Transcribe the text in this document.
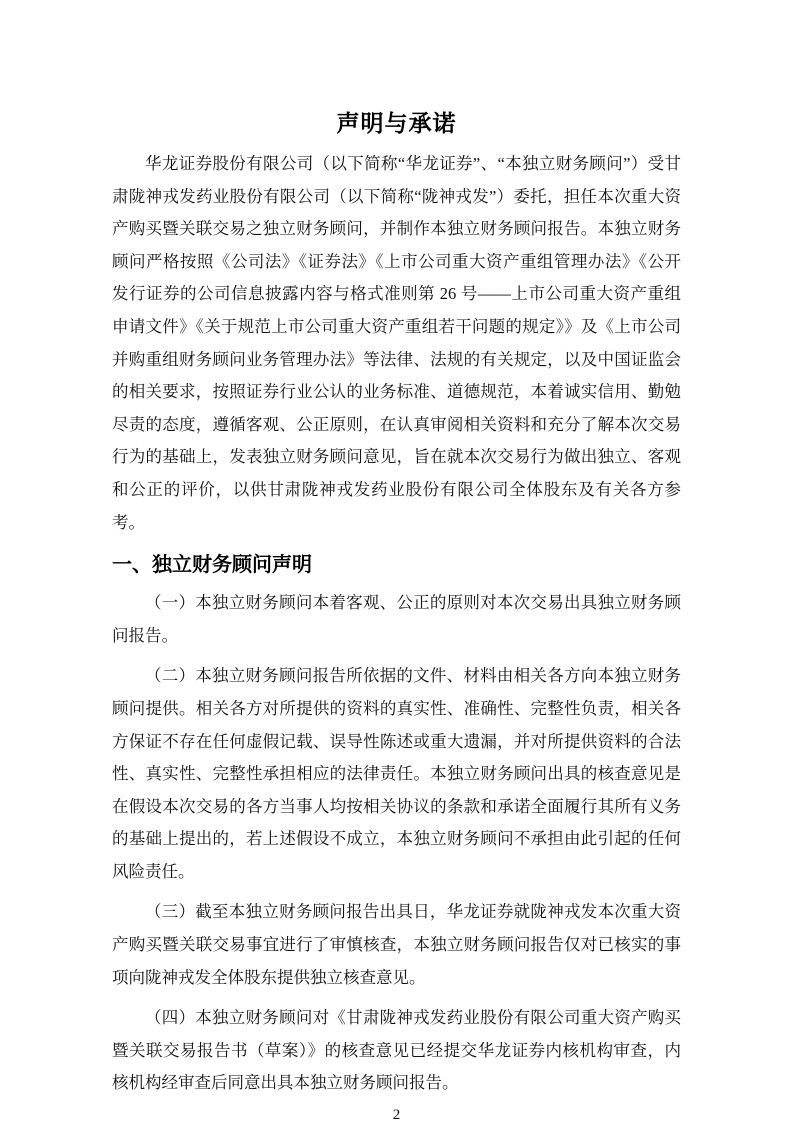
声明与承诺

华龙证券股份有限公司（以下简称“华龙证券”、“本独立财务顾问”）受甘肃陇神戎发药业股份有限公司（以下简称“陇神戎发”）委托，担任本次重大资产购买暨关联交易之独立财务顾问，并制作本独立财务顾问报告。本独立财务顾问严格按照《公司法》《证券法》《上市公司重大资产重组管理办法》《公开发行证券的公司信息披露内容与格式准则第 26 号——上市公司重大资产重组申请文件》《关于规范上市公司重大资产重组若干问题的规定》》及《上市公司并购重组财务顾问业务管理办法》等法律、法规的有关规定，以及中国证监会的相关要求，按照证券行业公认的业务标准、道德规范，本着诚实信用、勤勉尽责的态度，遵循客观、公正原则，在认真审阅相关资料和充分了解本次交易行为的基础上，发表独立财务顾问意见，旨在就本次交易行为做出独立、客观和公正的评价，以供甘肃陇神戎发药业股份有限公司全体股东及有关各方参考。

一、独立财务顾问声明

（一）本独立财务顾问本着客观、公正的原则对本次交易出具独立财务顾问报告。

（二）本独立财务顾问报告所依据的文件、材料由相关各方向本独立财务顾问提供。相关各方对所提供的资料的真实性、准确性、完整性负责，相关各方保证不存在任何虚假记载、误导性陈述或重大遗漏，并对所提供资料的合法性、真实性、完整性承担相应的法律责任。本独立财务顾问出具的核查意见是在假设本次交易的各方当事人均按相关协议的条款和承诺全面履行其所有义务的基础上提出的，若上述假设不成立，本独立财务顾问不承担由此引起的任何风险责任。

（三）截至本独立财务顾问报告出具日，华龙证券就陇神戎发本次重大资产购买暨关联交易事宜进行了审慎核查，本独立财务顾问报告仅对已核实的事项向陇神戎发全体股东提供独立核查意见。

（四）本独立财务顾问对《甘肃陇神戎发药业股份有限公司重大资产购买暨关联交易报告书（草案）》的核查意见已经提交华龙证券内核机构审查，内核机构经审查后同意出具本独立财务顾问报告。

2
